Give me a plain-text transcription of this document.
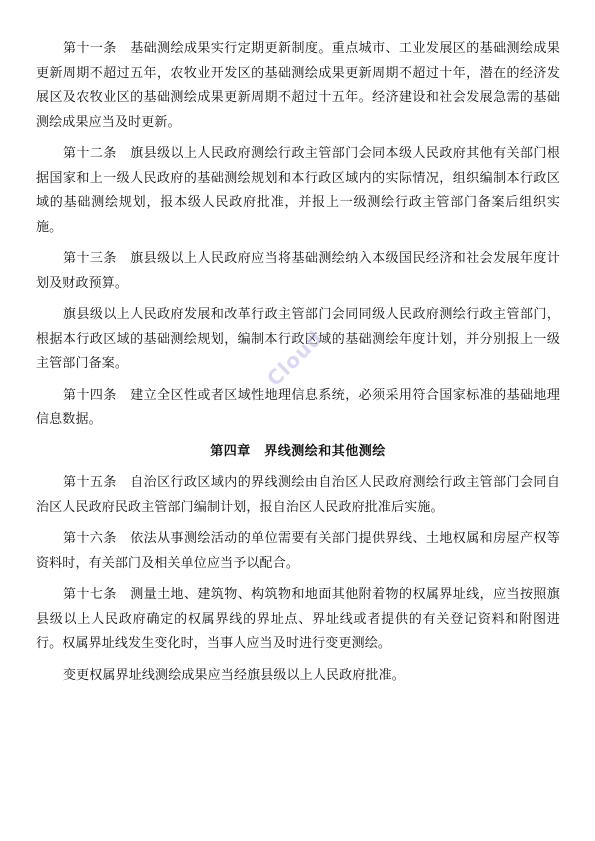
第十一条　基础测绘成果实行定期更新制度。重点城市、工业发展区的基础测绘成果更新周期不超过五年，农牧业开发区的基础测绘成果更新周期不超过十年，潜在的经济发展区及农牧业区的基础测绘成果更新周期不超过十五年。经济建设和社会发展急需的基础测绘成果应当及时更新。

第十二条　旗县级以上人民政府测绘行政主管部门会同本级人民政府其他有关部门根据国家和上一级人民政府的基础测绘规划和本行政区域内的实际情况，组织编制本行政区域的基础测绘规划，报本级人民政府批准，并报上一级测绘行政主管部门备案后组织实施。

第十三条　旗县级以上人民政府应当将基础测绘纳入本级国民经济和社会发展年度计划及财政预算。

旗县级以上人民政府发展和改革行政主管部门会同同级人民政府测绘行政主管部门，根据本行政区域的基础测绘规划，编制本行政区域的基础测绘年度计划，并分别报上一级主管部门备案。

第十四条　建立全区性或者区域性地理信息系统，必须采用符合国家标准的基础地理信息数据。

第四章　界线测绘和其他测绘

第十五条　自治区行政区域内的界线测绘由自治区人民政府测绘行政主管部门会同自治区人民政府民政主管部门编制计划，报自治区人民政府批准后实施。

第十六条　依法从事测绘活动的单位需要有关部门提供界线、土地权属和房屋产权等资料时，有关部门及相关单位应当予以配合。

第十七条　测量土地、建筑物、构筑物和地面其他附着物的权属界址线，应当按照旗县级以上人民政府确定的权属界线的界址点、界址线或者提供的有关登记资料和附图进行。权属界址线发生变化时，当事人应当及时进行变更测绘。

变更权属界址线测绘成果应当经旗县级以上人民政府批准。

Cloud
